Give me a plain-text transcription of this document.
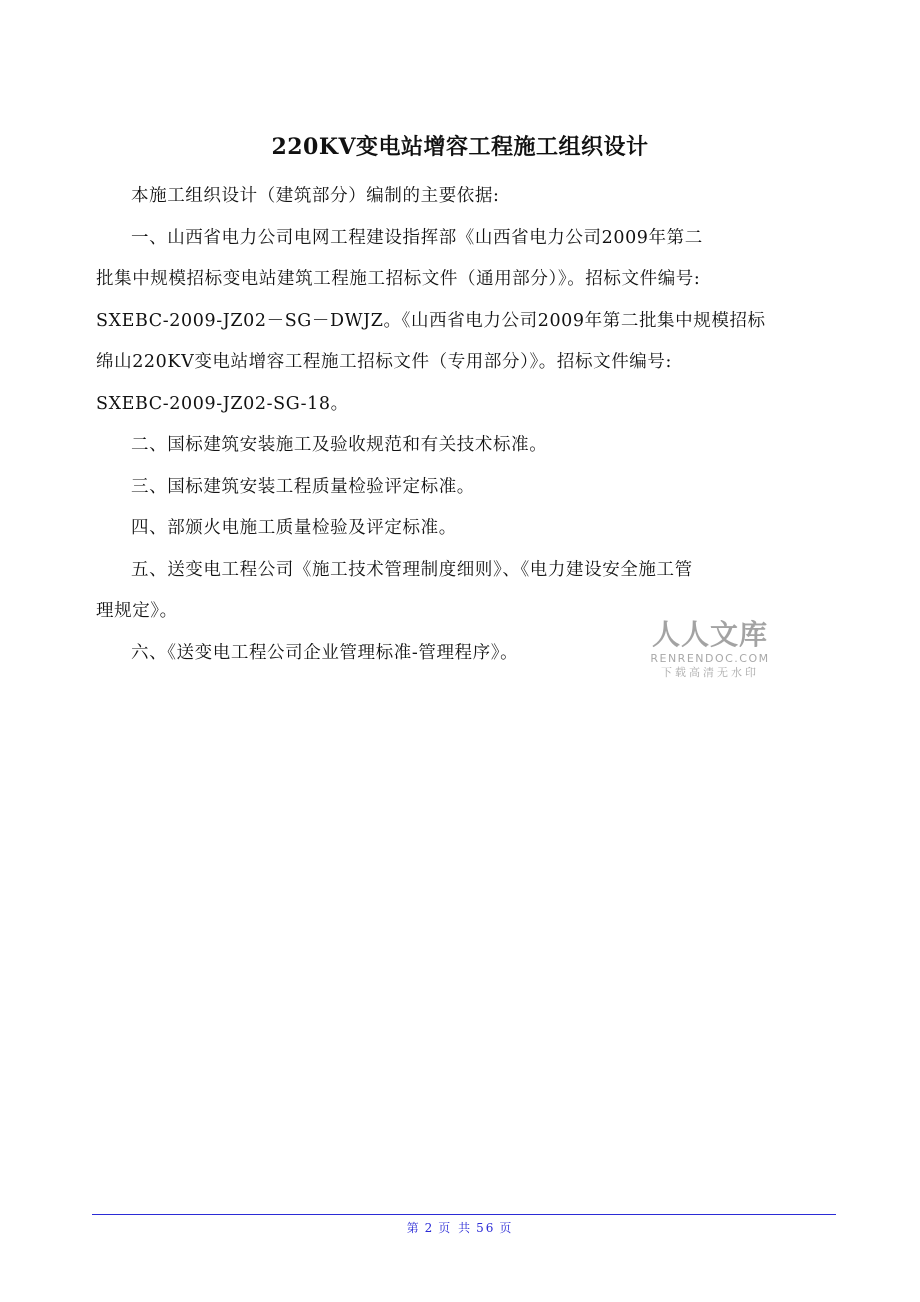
220KV变电站增容工程施工组织设计

本施工组织设计（建筑部分）编制的主要依据:

一、山西省电力公司电网工程建设指挥部《山西省电力公司2009年第二
批集中规模招标变电站建筑工程施工招标文件（通用部分）》。招标文件编号:
SXEBC-2009-JZ02－SG－DWJZ。《山西省电力公司2009年第二批集中规模招标
绵山220KV变电站增容工程施工招标文件（专用部分）》。招标文件编号:
SXEBC-2009-JZ02-SG-18。

二、国标建筑安装施工及验收规范和有关技术标准。

三、国标建筑安装工程质量检验评定标准。

四、部颁火电施工质量检验及评定标准。

五、送变电工程公司《施工技术管理制度细则》、《电力建设安全施工管
理规定》。

六、《送变电工程公司企业管理标准-管理程序》。

人人文库
RENRENDOC.COM
下载高清无水印
第 2 页 共 56 页
